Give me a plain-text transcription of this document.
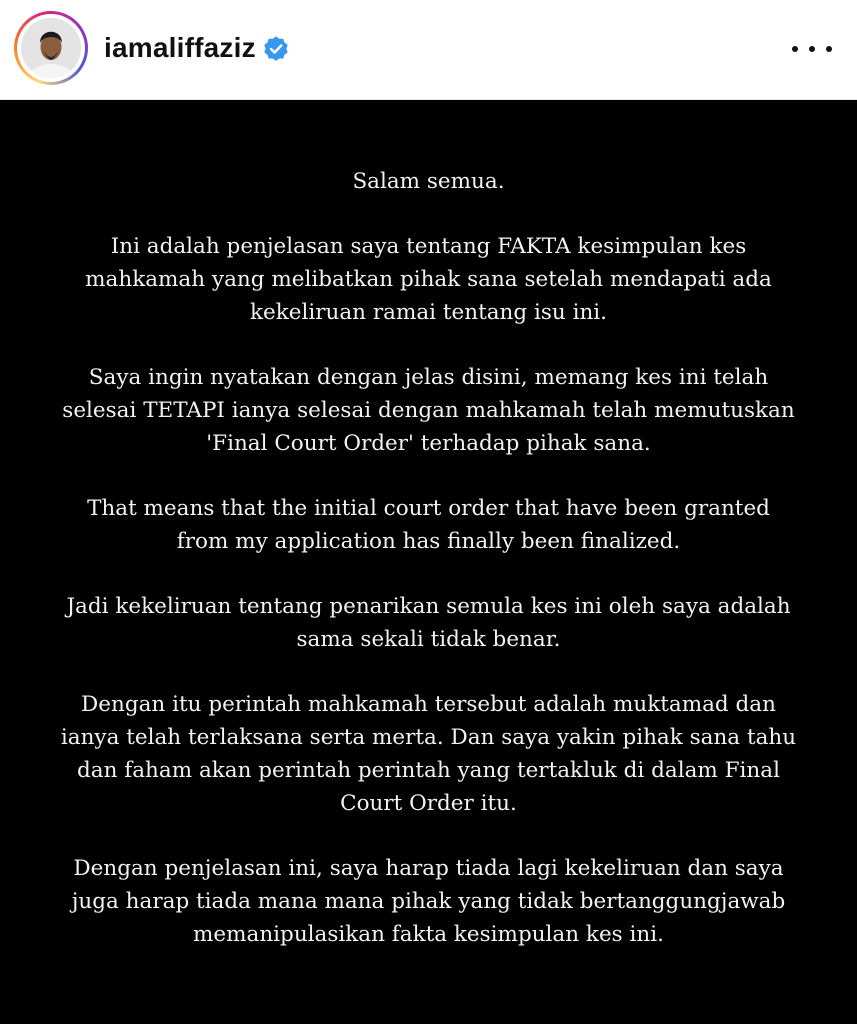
iamaliffaziz

Salam semua.

Ini adalah penjelasan saya tentang FAKTA kesimpulan kes
mahkamah yang melibatkan pihak sana setelah mendapati ada
kekeliruan ramai tentang isu ini.

Saya ingin nyatakan dengan jelas disini, memang kes ini telah
selesai TETAPI ianya selesai dengan mahkamah telah memutuskan
'Final Court Order' terhadap pihak sana.

That means that the initial court order that have been granted
from my application has finally been finalized.

Jadi kekeliruan tentang penarikan semula kes ini oleh saya adalah
sama sekali tidak benar.

Dengan itu perintah mahkamah tersebut adalah muktamad dan
ianya telah terlaksana serta merta. Dan saya yakin pihak sana tahu
dan faham akan perintah perintah yang tertakluk di dalam Final
Court Order itu.

Dengan penjelasan ini, saya harap tiada lagi kekeliruan dan saya
juga harap tiada mana mana pihak yang tidak bertanggungjawab
memanipulasikan fakta kesimpulan kes ini.
